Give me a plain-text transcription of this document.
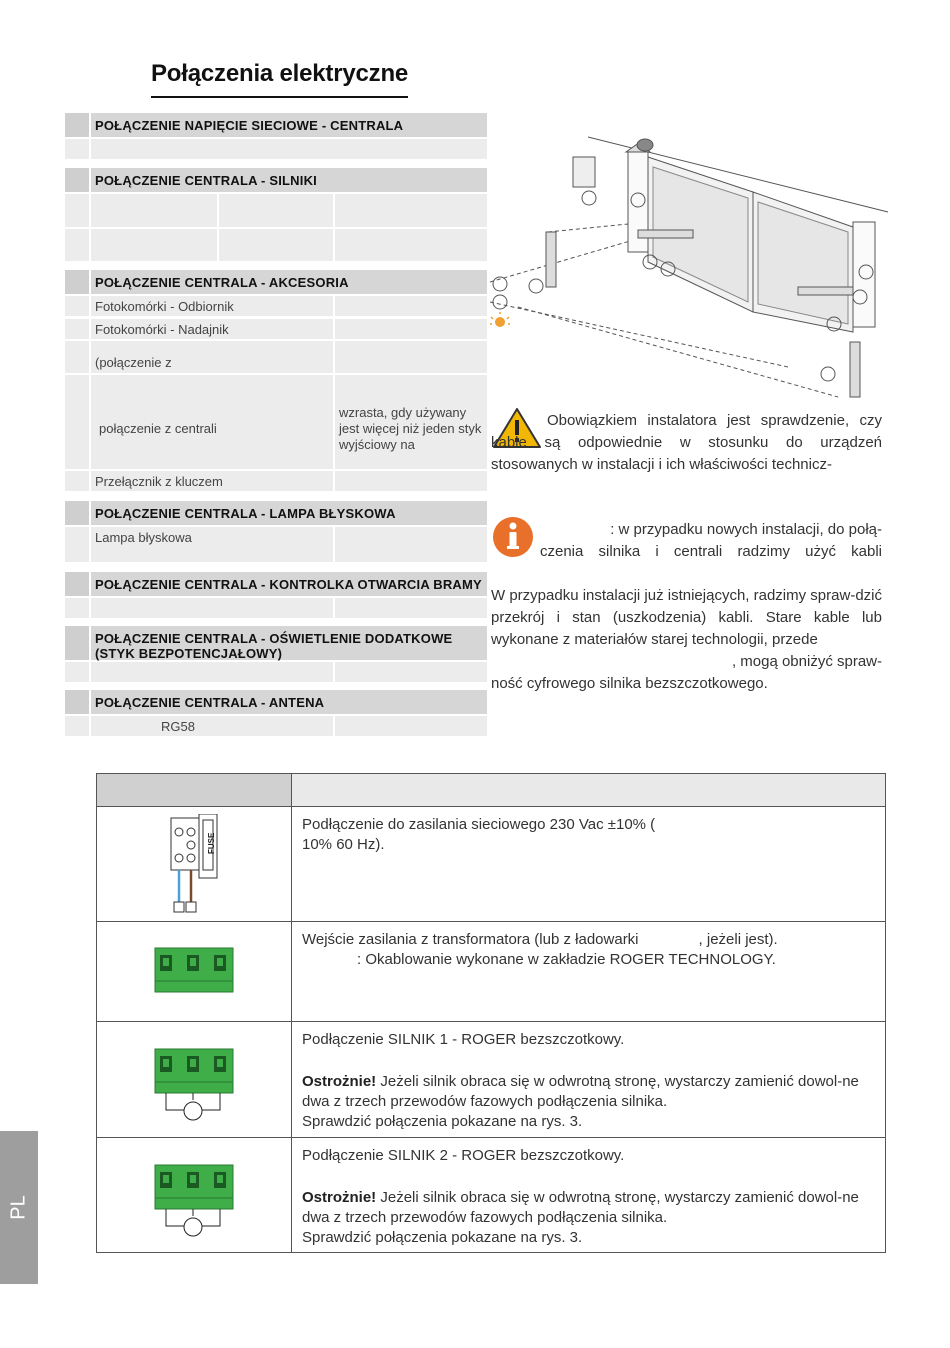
Połączenia elektryczne
POŁĄCZENIE NAPIĘCIE SIECIOWE - CENTRALA
POŁĄCZENIE CENTRALA - SILNIKI
POŁĄCZENIE CENTRALA - AKCESORIA
Fotokomórki - Odbiornik
Fotokomórki - Nadajnik
(połączenie z
połączenie z centrali
wzrasta, gdy używany jest więcej niż jeden styk wyjściowy na
Przełącznik z kluczem
POŁĄCZENIE CENTRALA - LAMPA BŁYSKOWA
Lampa błyskowa
POŁĄCZENIE CENTRALA - KONTROLKA OTWARCIA BRAMY
POŁĄCZENIE CENTRALA - OŚWIETLENIE DODATKOWE (STYK BEZPOTENCJAŁOWY)
POŁĄCZENIE CENTRALA - ANTENA
RG58
Obowiązkiem instalatora jest sprawdzenie, czy kable są odpowiednie w stosunku do urządzeń stosowanych w instalacji i ich właściwości technicz-
: w przypadku nowych instalacji, do połą-
czenia silnika i centrali radzimy użyć kabli
W przypadku instalacji już istniejących, radzimy spraw-dzić przekrój i stan (uszkodzenia) kabli. Stare kable lub wykonane z materiałów starej technologii, przede
, mogą obniżyć spraw-
ność cyfrowego silnika bezszczotkowego.
FUSE
Podłączenie do zasilania sieciowego 230 Vac ±10% (
10% 60 Hz).
Wejście zasilania z transformatora (lub z ładowarki	, jeżeli jest).
: Okablowanie wykonane w zakładzie ROGER TECHNOLOGY.
Podłączenie SILNIK 1 - ROGER bezszczotkowy.
Ostrożnie! Jeżeli silnik obraca się w odwrotną stronę, wystarczy zamienić dowol-ne dwa z trzech przewodów fazowych podłączenia silnika.
Sprawdzić połączenia pokazane na rys. 3.
Podłączenie SILNIK 2 - ROGER bezszczotkowy.
Ostrożnie! Jeżeli silnik obraca się w odwrotną stronę, wystarczy zamienić dowol-ne dwa z trzech przewodów fazowych podłączenia silnika.
Sprawdzić połączenia pokazane na rys. 3.
PL
